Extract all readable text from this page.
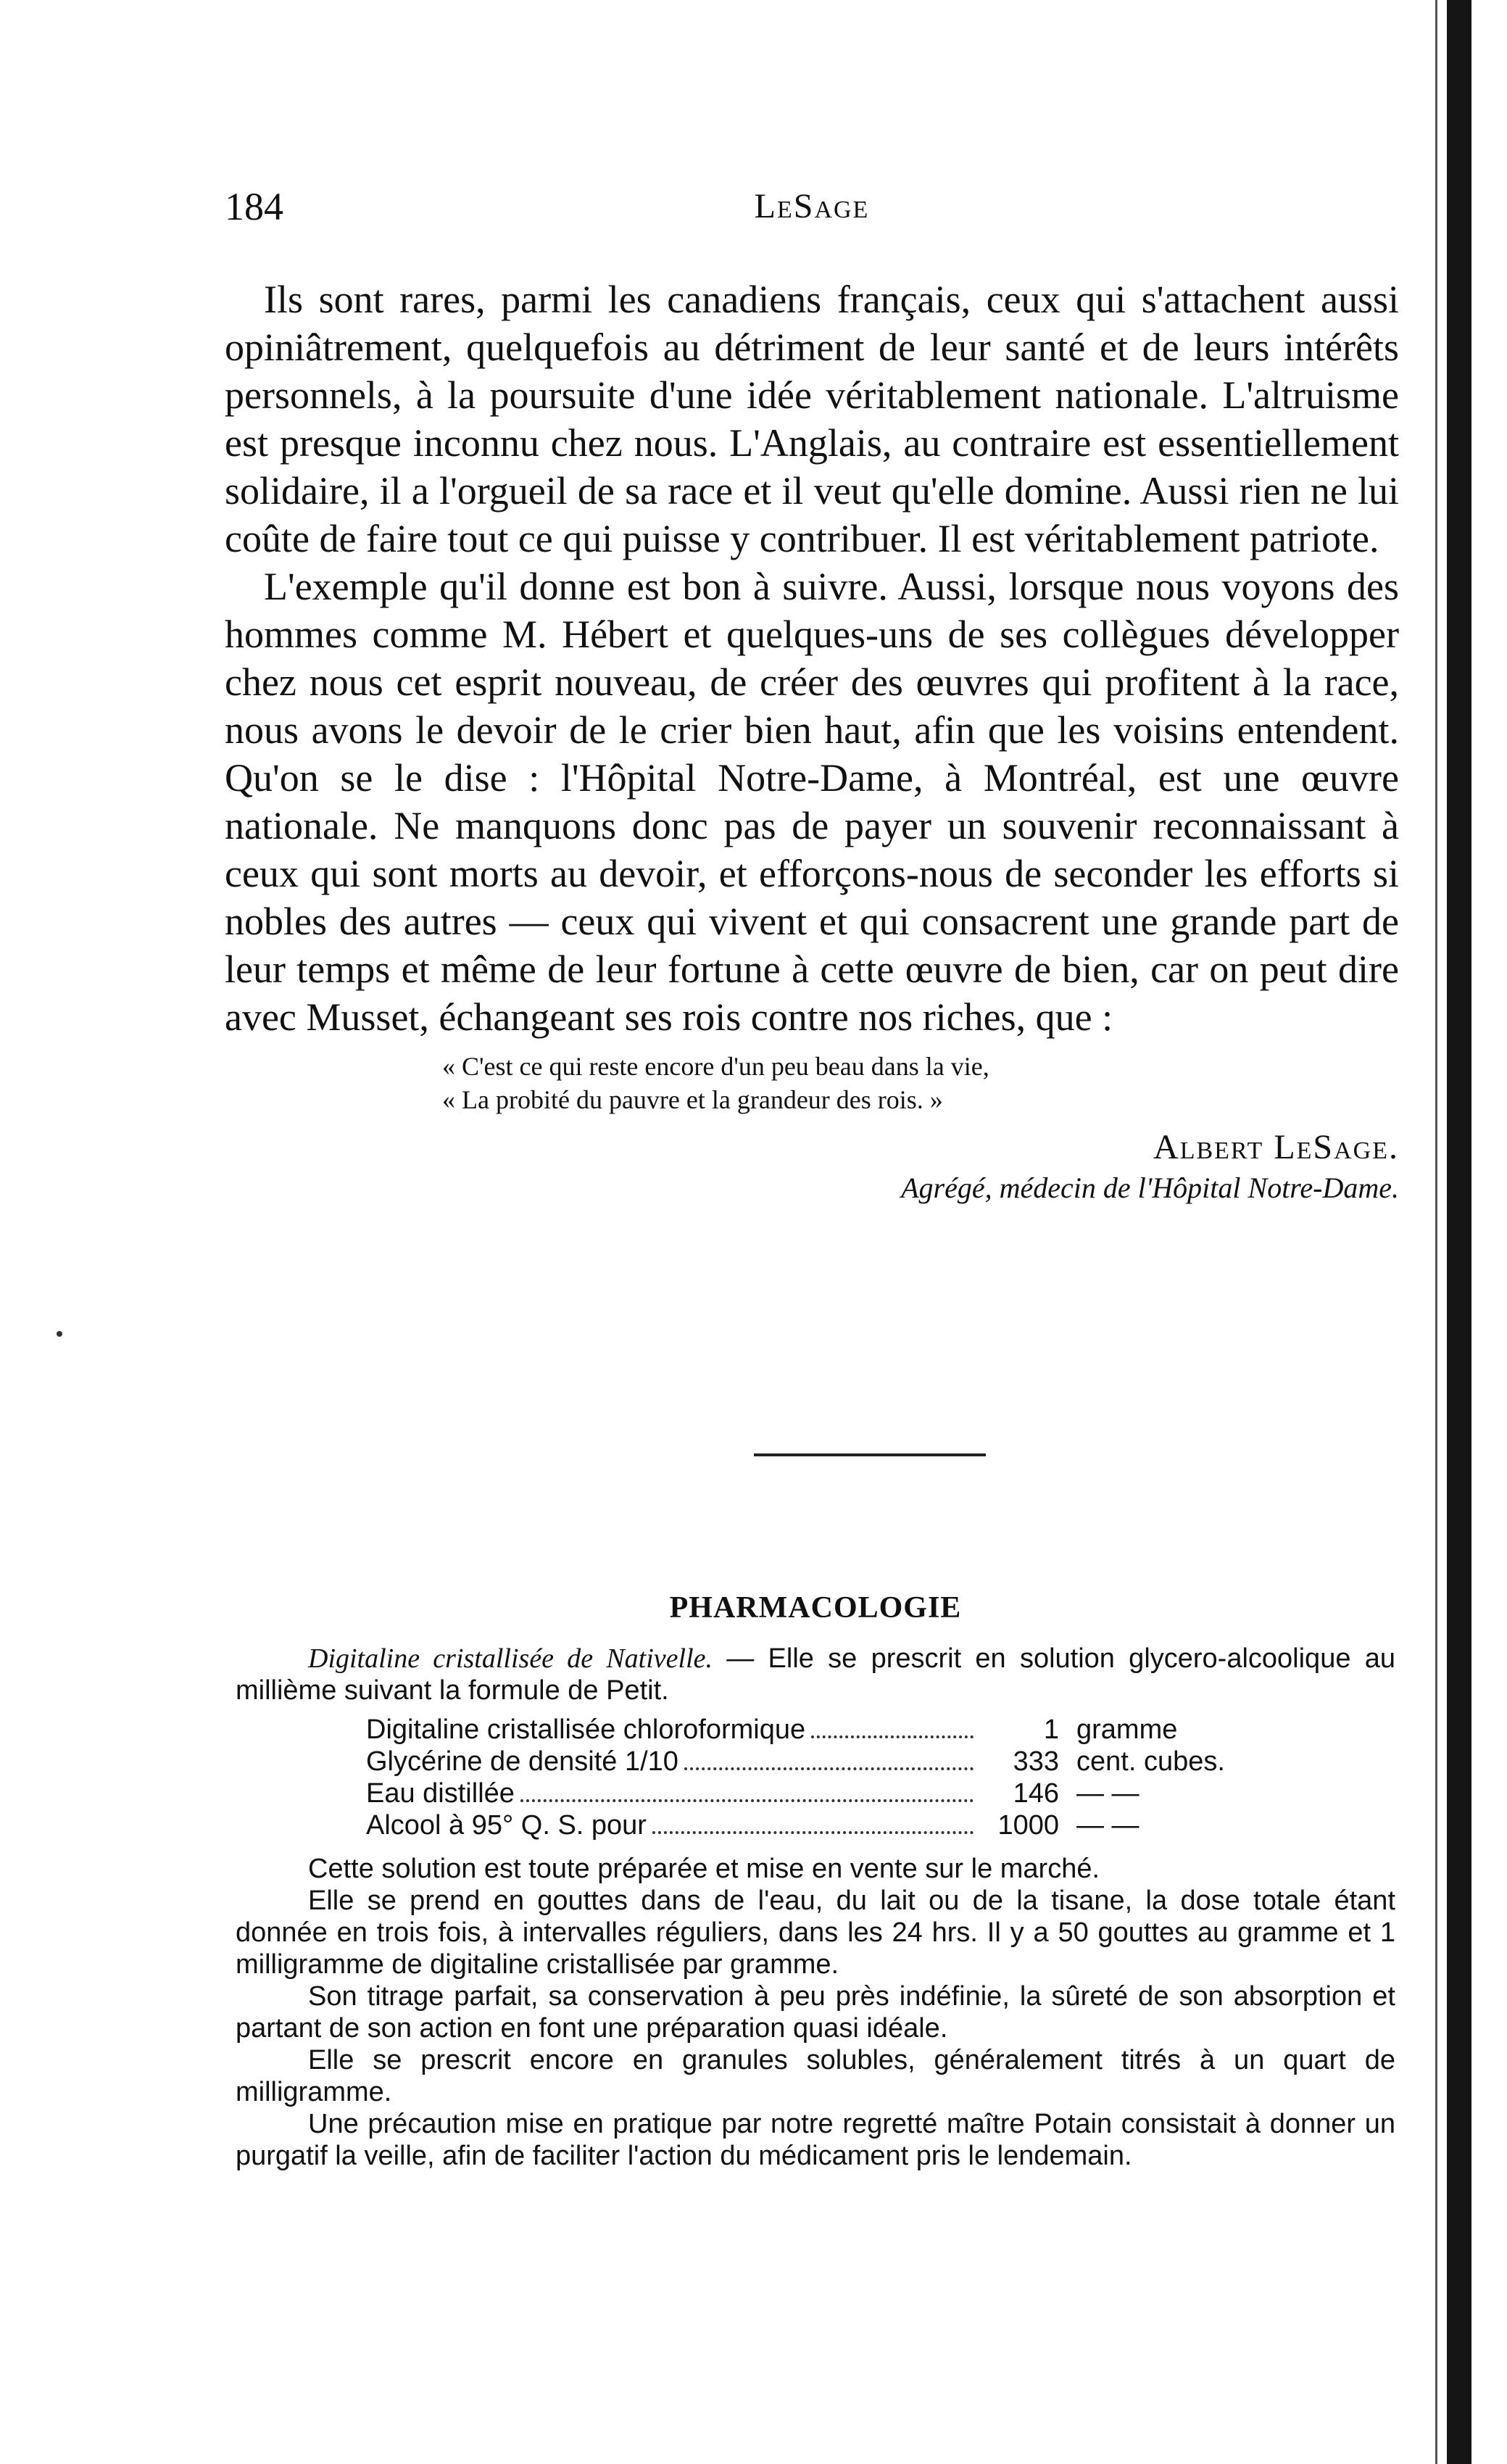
184	LeSage

Ils sont rares, parmi les canadiens français, ceux qui s'attachent aussi opiniâtrement, quelquefois au détriment de leur santé et de leurs intérêts personnels, à la poursuite d'une idée véritablement nationale. L'altruisme est presque inconnu chez nous. L'Anglais, au contraire est essentiellement solidaire, il a l'orgueil de sa race et il veut qu'elle domine. Aussi rien ne lui coûte de faire tout ce qui puisse y contribuer. Il est véritablement patriote.

L'exemple qu'il donne est bon à suivre. Aussi, lorsque nous voyons des hommes comme M. Hébert et quelques-uns de ses collègues développer chez nous cet esprit nouveau, de créer des œuvres qui profitent à la race, nous avons le devoir de le crier bien haut, afin que les voisins entendent. Qu'on se le dise : l'Hôpital Notre-Dame, à Montréal, est une œuvre nationale. Ne manquons donc pas de payer un souvenir reconnaissant à ceux qui sont morts au devoir, et efforçons-nous de seconder les efforts si nobles des autres — ceux qui vivent et qui consacrent une grande part de leur temps et même de leur fortune à cette œuvre de bien, car on peut dire avec Musset, échangeant ses rois contre nos riches, que :

« C'est ce qui reste encore d'un peu beau dans la vie,
« La probité du pauvre et la grandeur des rois. »
Albert LeSage.
Agrégé, médecin de l'Hôpital Notre-Dame.
PHARMACOLOGIE

Digitaline cristallisée de Nativelle. — Elle se prescrit en solution glycero-alcoolique au millième suivant la formule de Petit.

Digitaline cristallisée chloroformique	1 gramme
Glycérine de densité 1/10	333 cent. cubes.
Eau distillée	146 — —
Alcool à 95° Q. S. pour	1000 — —

Cette solution est toute préparée et mise en vente sur le marché.

Elle se prend en gouttes dans de l'eau, du lait ou de la tisane, la dose totale étant donnée en trois fois, à intervalles réguliers, dans les 24 hrs. Il y a 50 gouttes au gramme et 1 milligramme de digitaline cristallisée par gramme.

Son titrage parfait, sa conservation à peu près indéfinie, la sûreté de son absorption et partant de son action en font une préparation quasi idéale.

Elle se prescrit encore en granules solubles, généralement titrés à un quart de milligramme.

Une précaution mise en pratique par notre regretté maître Potain consistait à donner un purgatif la veille, afin de faciliter l'action du médicament pris le lendemain.
